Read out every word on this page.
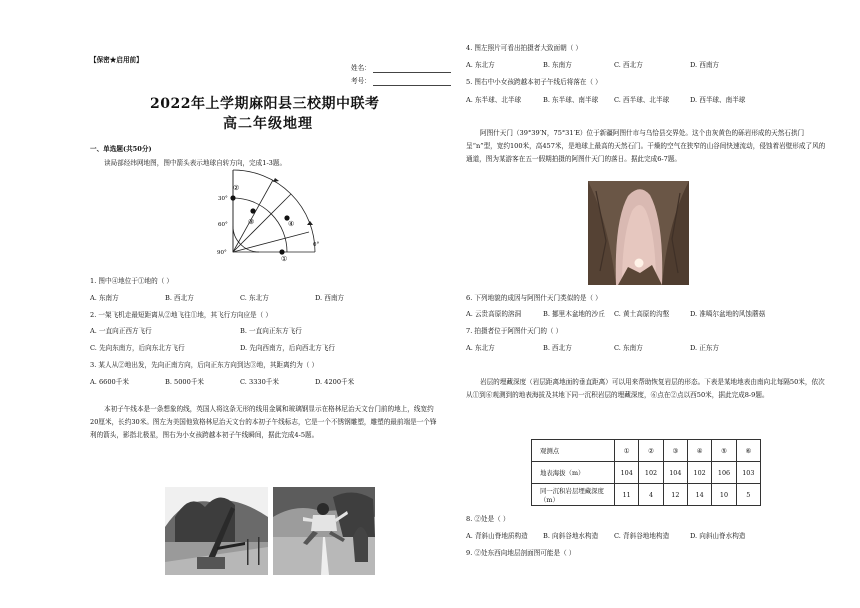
【保密★启用前】
姓名：
考号：
2022年上学期麻阳县三校期中联考
高二年级地理
一、单选题(共50分)
读局部经纬网地图，图中箭头表示地球自转方向，完成1-3题。
②
④
③
①
30°
60°
90°
0°
1. 图中④地位于①地的（ ）
A. 东南方	B. 西北方	C. 东北方	D. 西南方
2. 一架飞机走最短距离从②地飞往①地，其飞行方向应是（ ）
A. 一直向正西方飞行	B. 一直向正东方飞行
C. 先向东南方，后向东北方飞行	D. 先向西南方，后向西北方飞行
3. 某人从②地出发，先向正南方向，后向正东方向到达③地，其距离约为（ ）
A. 6600千米	B. 5000千米	C. 3330千米	D. 4200千米
本初子午线本是一条想象的线，英国人将这条无形的线用金属和玻璃钢显示在格林尼治天文台门前的地上，线宽约20厘米，长约30米。图左为美国他致格林尼治天文台的本初子午线标志，它是一个不锈钢雕塑，雕塑的最前端是一个锋利的箭头，影指北极星，图右为小女孩跨越本初子午线瞬间，据此完成4-5题。
4. 图左照片可看出拍摄者大致面朝（ ）
A. 东北方	B. 东南方	C. 西北方	D. 西南方
5. 图右中小女孩跨越本初子午线后将落在（ ）
A. 东半球、北半球	B. 东半球、南半球 C. 西半球、北半球	D. 西半球、南半球
阿图什天门（39°39′N，75°31′E）位于新疆阿图什市与乌恰县交界处。这个由灰黄色的砾岩形成的天然石拱门呈“n”型，宽约100米，高457米，是地球上最高的天然石门。干燥的空气在狭窄的山谷间快速流动，侵蚀着岩壁形成了风的通道，图为某游客在五一假期拍摄的阿图什天门的落日。据此完成6-7题。
6. 下列地貌的成因与阿图什天门类似的是（ ）
A. 云贵高原的溶洞	B. 挪里木盆地的沙丘 C. 黄土高原的沟壑	D. 准噶尔盆地的风蚀蘑菇
7. 拍摄者位于阿图什天门的（ ）
A. 东北方	B. 西北方	C. 东南方	D. 正东方
岩层的埋藏深度（岩层距离地面的垂直距离）可以用来帮助恢复岩层的形态。下表是某地地表由南向北每隔50米，依次从①到⑥观测到的地表海拔及其地下同一沉积岩层的埋藏深度，⑥点在②点以西50米，据此完成8-9题。
观测点	①	②	③	④	⑤	⑥
地表海拔（m）	104	102	104	102	106	103
同一沉积岩层埋藏深度（m）	11	4	12	14	10	5
8. ②处是（ ）
A. 背斜山脊地质构造 B. 向斜谷地水构造 C. 背斜谷地地构造	D. 向斜山脊水构造
9. ②处东西向地层剖面图可能是（ ）
